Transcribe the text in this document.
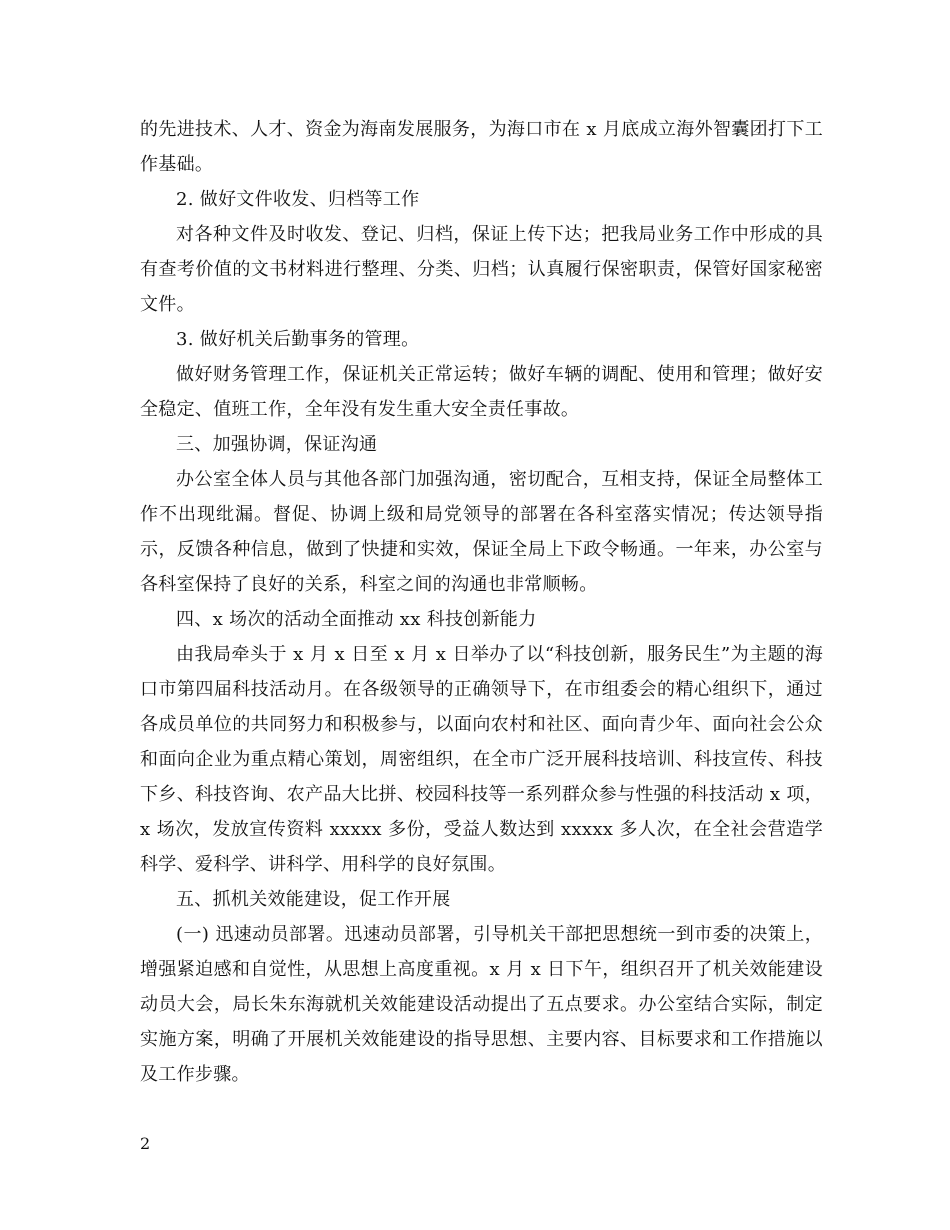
的先进技术、人才、资金为海南发展服务，为海口市在 x 月底成立海外智囊团打下工作基础。

2. 做好文件收发、归档等工作

对各种文件及时收发、登记、归档，保证上传下达；把我局业务工作中形成的具有查考价值的文书材料进行整理、分类、归档；认真履行保密职责，保管好国家秘密文件。

3. 做好机关后勤事务的管理。

做好财务管理工作，保证机关正常运转；做好车辆的调配、使用和管理；做好安全稳定、值班工作，全年没有发生重大安全责任事故。

三、加强协调，保证沟通

办公室全体人员与其他各部门加强沟通，密切配合，互相支持，保证全局整体工作不出现纰漏。督促、协调上级和局党领导的部署在各科室落实情况；传达领导指示，反馈各种信息，做到了快捷和实效，保证全局上下政令畅通。一年来，办公室与各科室保持了良好的关系，科室之间的沟通也非常顺畅。

四、x 场次的活动全面推动 xx 科技创新能力

由我局牵头于 x 月 x 日至 x 月 x 日举办了以“科技创新，服务民生”为主题的海口市第四届科技活动月。在各级领导的正确领导下，在市组委会的精心组织下，通过各成员单位的共同努力和积极参与，以面向农村和社区、面向青少年、面向社会公众和面向企业为重点精心策划，周密组织，在全市广泛开展科技培训、科技宣传、科技下乡、科技咨询、农产品大比拼、校园科技等一系列群众参与性强的科技活动 x 项，x 场次，发放宣传资料 xxxxx 多份，受益人数达到 xxxxx 多人次，在全社会营造学科学、爱科学、讲科学、用科学的良好氛围。

五、抓机关效能建设，促工作开展

(一) 迅速动员部署。迅速动员部署，引导机关干部把思想统一到市委的决策上，增强紧迫感和自觉性，从思想上高度重视。x 月 x 日下午，组织召开了机关效能建设动员大会，局长朱东海就机关效能建设活动提出了五点要求。办公室结合实际，制定实施方案，明确了开展机关效能建设的指导思想、主要内容、目标要求和工作措施以及工作步骤。

2
